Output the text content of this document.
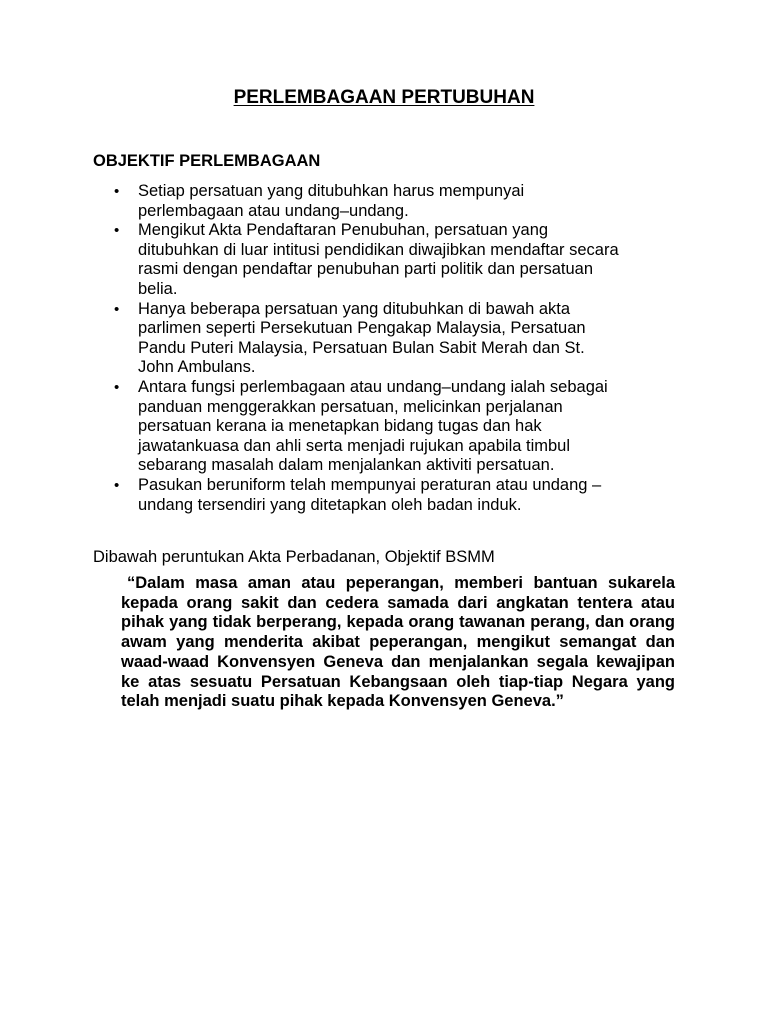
PERLEMBAGAAN PERTUBUHAN
OBJEKTIF PERLEMBAGAAN
• Setiap persatuan yang ditubuhkan harus mempunyai
perlembagaan atau undang–undang.
• Mengikut Akta Pendaftaran Penubuhan, persatuan yang
ditubuhkan di luar intitusi pendidikan diwajibkan mendaftar secara
rasmi dengan pendaftar penubuhan parti politik dan persatuan
belia.
• Hanya beberapa persatuan yang ditubuhkan di bawah akta
parlimen seperti Persekutuan Pengakap Malaysia, Persatuan
Pandu Puteri Malaysia, Persatuan Bulan Sabit Merah dan St.
John Ambulans.
• Antara fungsi perlembagaan atau undang–undang ialah sebagai
panduan menggerakkan persatuan, melicinkan perjalanan
persatuan kerana ia menetapkan bidang tugas dan hak
jawatankuasa dan ahli serta menjadi rujukan apabila timbul
sebarang masalah dalam menjalankan aktiviti persatuan.
• Pasukan beruniform telah mempunyai peraturan atau undang –
undang tersendiri yang ditetapkan oleh badan induk.
Dibawah peruntukan Akta Perbadanan, Objektif BSMM
“Dalam masa aman atau peperangan, memberi bantuan sukarela kepada orang sakit dan cedera samada dari angkatan tentera atau pihak yang tidak berperang, kepada orang tawanan perang, dan orang awam yang menderita akibat peperangan, mengikut semangat dan waad-waad Konvensyen Geneva dan menjalankan segala kewajipan ke atas sesuatu Persatuan Kebangsaan oleh tiap-tiap Negara yang telah menjadi suatu pihak kepada Konvensyen Geneva.”
